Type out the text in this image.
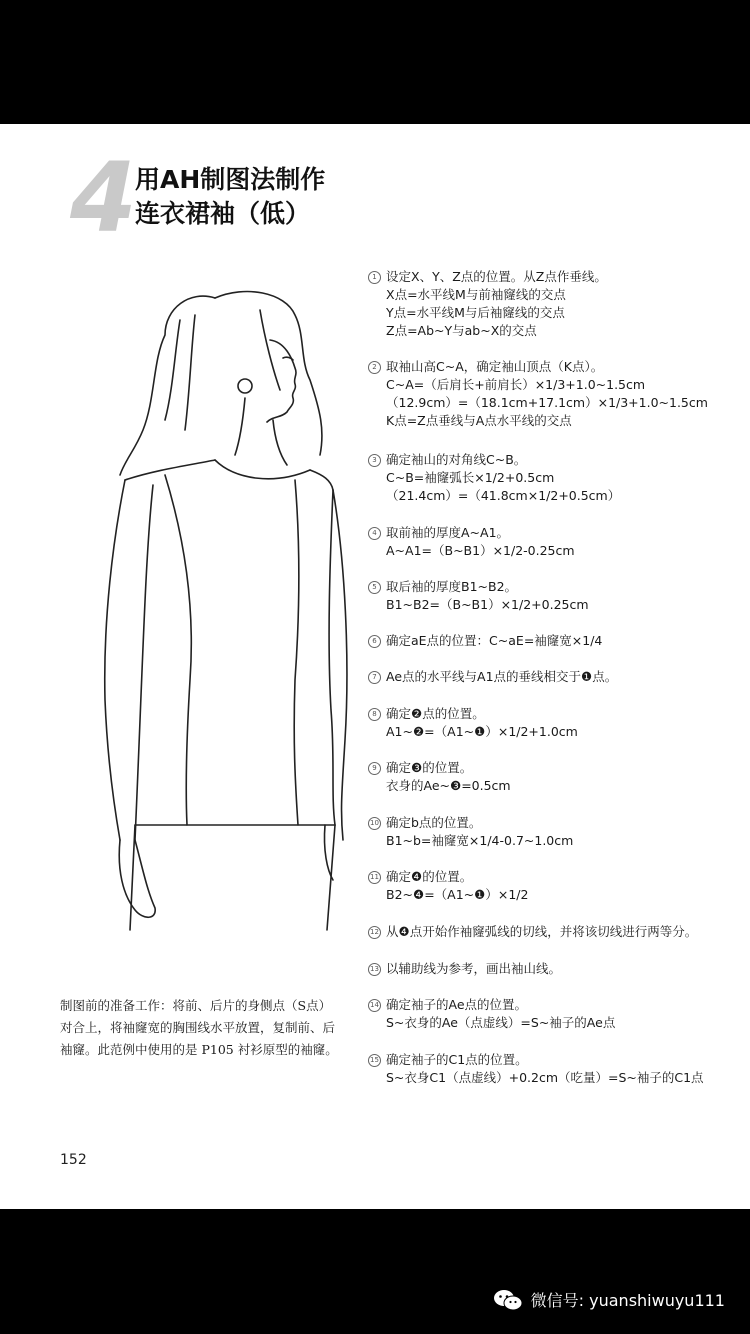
4
用AH制图法制作
连衣裙袖（低）
1 设定X、Y、Z点的位置。从Z点作垂线。
X点=水平线M与前袖窿线的交点
Y点=水平线M与后袖窿线的交点
Z点=Ab~Y与ab~X的交点
2 取袖山高C~A，确定袖山顶点（K点）。
C~A=（后肩长+前肩长）×1/3+1.0~1.5cm
（12.9cm）=（18.1cm+17.1cm）×1/3+1.0~1.5cm
K点=Z点垂线与A点水平线的交点
3 确定袖山的对角线C~B。
C~B=袖窿弧长×1/2+0.5cm
（21.4cm）=（41.8cm×1/2+0.5cm）
4 取前袖的厚度A~A1。
A~A1=（B~B1）×1/2-0.25cm
5 取后袖的厚度B1~B2。
B1~B2=（B~B1）×1/2+0.25cm
6 确定aE点的位置：C~aE=袖窿宽×1/4
7 Ae点的水平线与A1点的垂线相交于❶点。
8 确定❷点的位置。
A1~❷=（A1~❶）×1/2+1.0cm
9 确定❸的位置。
衣身的Ae~❸=0.5cm
10 确定b点的位置。
B1~b=袖窿宽×1/4-0.7~1.0cm
11 确定❹的位置。
B2~❹=（A1~❶）×1/2
12 从❹点开始作袖窿弧线的切线，并将该切线进行两等分。
13 以辅助线为参考，画出袖山线。
14 确定袖子的Ae点的位置。
S~衣身的Ae（点虚线）=S~袖子的Ae点
15 确定袖子的C1点的位置。
S~衣身C1（点虚线）+0.2cm（吃量）=S~袖子的C1点
制图前的准备工作：将前、后片的身侧点（S点）
对合上，将袖窿宽的胸围线水平放置，复制前、后
袖窿。此范例中使用的是 P105 衬衫原型的袖窿。
152
微信号: yuanshiwuyu111
